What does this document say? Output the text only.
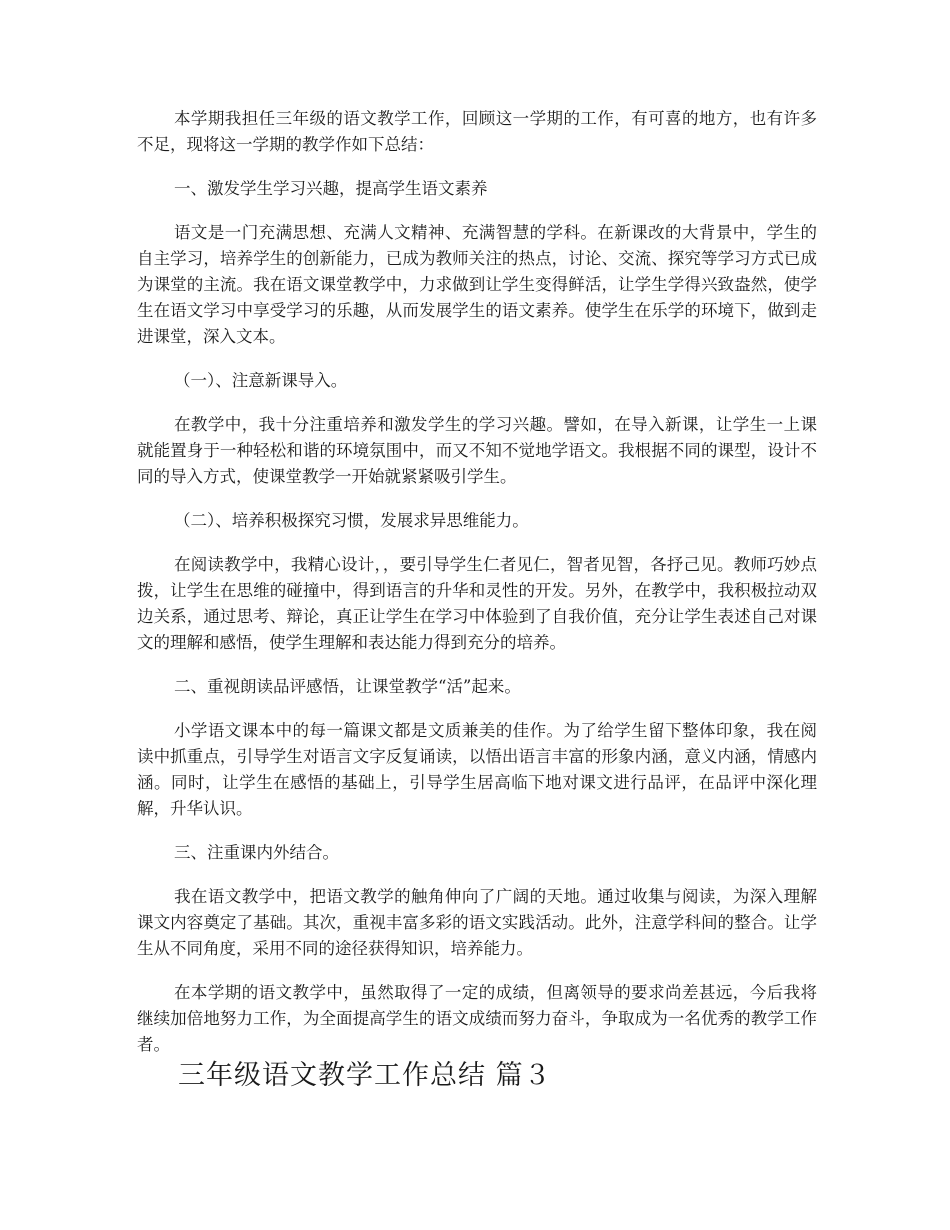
本学期我担任三年级的语文教学工作，回顾这一学期的工作，有可喜的地方，也有许多不足，现将这一学期的教学作如下总结：

一、激发学生学习兴趣，提高学生语文素养

语文是一门充满思想、充满人文精神、充满智慧的学科。在新课改的大背景中，学生的自主学习，培养学生的创新能力，已成为教师关注的热点，讨论、交流、探究等学习方式已成为课堂的主流。我在语文课堂教学中，力求做到让学生变得鲜活，让学生学得兴致盎然，使学生在语文学习中享受学习的乐趣，从而发展学生的语文素养。使学生在乐学的环境下，做到走进课堂，深入文本。

（一）、注意新课导入。

在教学中，我十分注重培养和激发学生的学习兴趣。譬如，在导入新课，让学生一上课就能置身于一种轻松和谐的环境氛围中，而又不知不觉地学语文。我根据不同的课型，设计不同的导入方式，使课堂教学一开始就紧紧吸引学生。

（二）、培养积极探究习惯，发展求异思维能力。

在阅读教学中，我精心设计，，要引导学生仁者见仁，智者见智，各抒己见。教师巧妙点拨，让学生在思维的碰撞中，得到语言的升华和灵性的开发。另外，在教学中，我积极拉动双边关系，通过思考、辩论，真正让学生在学习中体验到了自我价值，充分让学生表述自己对课文的理解和感悟，使学生理解和表达能力得到充分的培养。

二、重视朗读品评感悟，让课堂教学“活”起来。

小学语文课本中的每一篇课文都是文质兼美的佳作。为了给学生留下整体印象，我在阅读中抓重点，引导学生对语言文字反复诵读，以悟出语言丰富的形象内涵，意义内涵，情感内涵。同时，让学生在感悟的基础上，引导学生居高临下地对课文进行品评，在品评中深化理解，升华认识。

三、注重课内外结合。

我在语文教学中，把语文教学的触角伸向了广阔的天地。通过收集与阅读，为深入理解课文内容奠定了基础。其次，重视丰富多彩的语文实践活动。此外，注意学科间的整合。让学生从不同角度，采用不同的途径获得知识，培养能力。

在本学期的语文教学中，虽然取得了一定的成绩，但离领导的要求尚差甚远，今后我将继续加倍地努力工作，为全面提高学生的语文成绩而努力奋斗，争取成为一名优秀的教学工作者。

三年级语文教学工作总结 篇３
